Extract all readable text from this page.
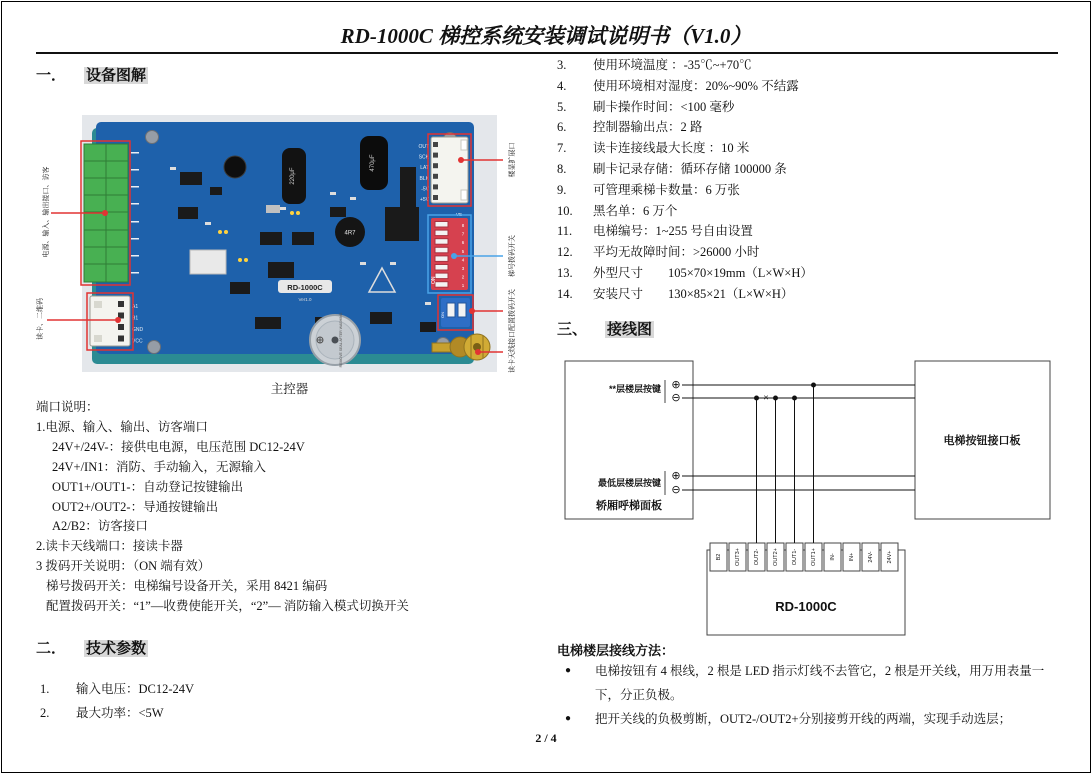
RD-1000C 梯控系统安装调试说明书（V1.0）
一． 设备图解
470μF
220μF
4R7
RD-1000C
Ver1.0
REMOVE SEAL AFTER WASHING
电源、输入、输出接口、访客
A1
B1
GND
VCC
读卡、二维码
OUT
SCK
LAT
BLK
-5V
+5V
楼显扩展口
VE
ON
8
7
6
5
4
3
2
1
梯号拨码开关
ON	配置拨码开关
读卡天线接口
主控器
端口说明：
1.电源、输入、输出、访客端口
24V+/24V-：接供电电源，电压范围 DC12-24V
24V+/IN1：消防、手动输入，无源输入
OUT1+/OUT1-：自动登记按键输出
OUT2+/OUT2-：导通按键输出
A2/B2：访客接口
2.读卡天线端口：接读卡器
3 拨码开关说明：（ON 端有效）
梯号拨码开关：电梯编号设备开关，采用 8421 编码
配置拨码开关：“1”—收费使能开关，“2”— 消防输入模式切换开关
二． 技术参数
1. 输入电压：DC12-24V
2. 最大功率：<5W
3. 使用环境温度 ：-35℃~+70℃
4. 使用环境相对湿度：20%~90% 不结露
5. 刷卡操作时间：<100 毫秒
6. 控制器输出点：2 路
7. 读卡连接线最大长度 ：10 米
8. 刷卡记录存储：循环存储 100000 条
9. 可管理乘梯卡数量：6 万张
10. 黑名单：6 万个
11. 电梯编号：1~255 号自由设置
12. 平均无故障时间：>26000 小时
13. 外型尺寸　　105×70×19mm（L×W×H）
14. 安装尺寸　　130×85×21（L×W×H）
三、 接线图
B2 OUT3+ OUT2- OUT2+ OUT1- OUT1+ IN- IN+ 24V- 24V+
RD-1000C
**层楼层按键 ⊕
⊖
最低层楼层按键
⊕
⊖
轿厢呼梯面板
电梯按钮接口板
×
电梯楼层接线方法：
● 电梯按钮有 4 根线，2 根是 LED 指示灯线不去管它，2 根是开关线，用万用表量一下，分正负极。
● 把开关线的负极剪断，OUT2-/OUT2+分别接剪开线的两端，实现手动选层；
2 / 4
